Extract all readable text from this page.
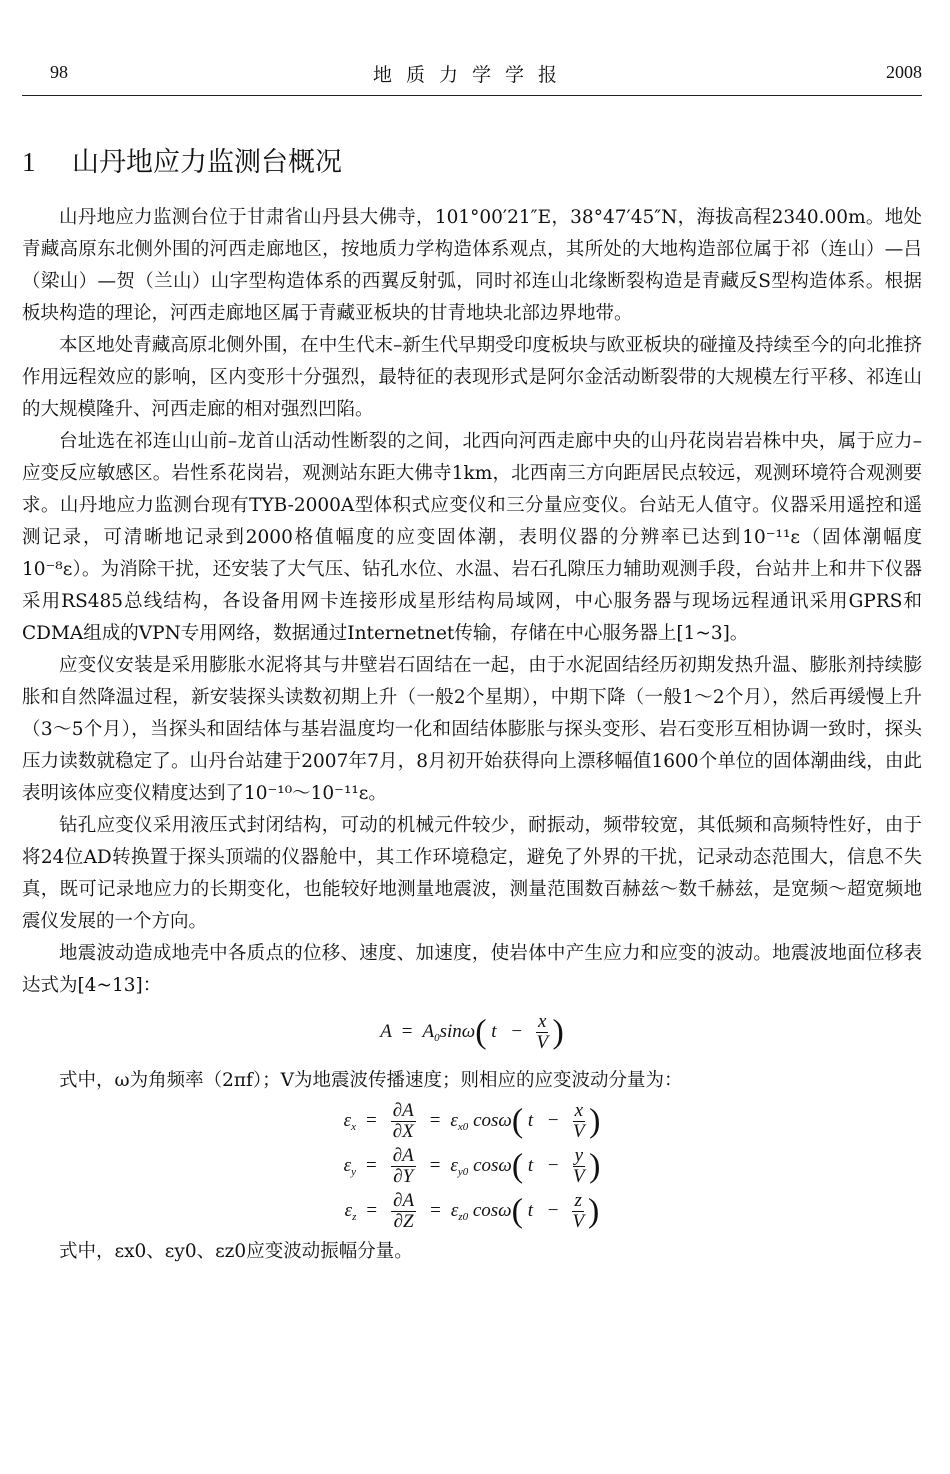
98	地质力学学报	2008
1 山丹地应力监测台概况

山丹地应力监测台位于甘肃省山丹县大佛寺，101°00′21″E，38°47′45″N，海拔高程2340.00m。地处青藏高原东北侧外围的河西走廊地区，按地质力学构造体系观点，其所处的大地构造部位属于祁（连山）—吕（梁山）—贺（兰山）山字型构造体系的西翼反射弧，同时祁连山北缘断裂构造是青藏反S型构造体系。根据板块构造的理论，河西走廊地区属于青藏亚板块的甘青地块北部边界地带。

本区地处青藏高原北侧外围，在中生代末–新生代早期受印度板块与欧亚板块的碰撞及持续至今的向北推挤作用远程效应的影响，区内变形十分强烈，最特征的表现形式是阿尔金活动断裂带的大规模左行平移、祁连山的大规模隆升、河西走廊的相对强烈凹陷。

台址选在祁连山山前–龙首山活动性断裂的之间，北西向河西走廊中央的山丹花岗岩岩株中央，属于应力–应变反应敏感区。岩性系花岗岩，观测站东距大佛寺1km，北西南三方向距居民点较远，观测环境符合观测要求。山丹地应力监测台现有TYB-2000A型体积式应变仪和三分量应变仪。台站无人值守。仪器采用遥控和遥测记录，可清晰地记录到2000格值幅度的应变固体潮，表明仪器的分辨率已达到10⁻¹¹ε（固体潮幅度10⁻⁸ε）。为消除干扰，还安装了大气压、钻孔水位、水温、岩石孔隙压力辅助观测手段，台站井上和井下仪器采用RS485总线结构，各设备用网卡连接形成星形结构局域网，中心服务器与现场远程通讯采用GPRS和CDMA组成的VPN专用网络，数据通过Internetnet传输，存储在中心服务器上[1~3]。

应变仪安装是采用膨胀水泥将其与井壁岩石固结在一起，由于水泥固结经历初期发热升温、膨胀剂持续膨胀和自然降温过程，新安装探头读数初期上升（一般2个星期），中期下降（一般1～2个月），然后再缓慢上升（3～5个月），当探头和固结体与基岩温度均一化和固结体膨胀与探头变形、岩石变形互相协调一致时，探头压力读数就稳定了。山丹台站建于2007年7月，8月初开始获得向上漂移幅值1600个单位的固体潮曲线，由此表明该体应变仪精度达到了10⁻¹⁰～10⁻¹¹ε。

钻孔应变仪采用液压式封闭结构，可动的机械元件较少，耐振动，频带较宽，其低频和高频特性好，由于将24位AD转换置于探头顶端的仪器舱中，其工作环境稳定，避免了外界的干扰，记录动态范围大，信息不失真，既可记录地应力的长期变化，也能较好地测量地震波，测量范围数百赫兹～数千赫兹，是宽频～超宽频地震仪发展的一个方向。

地震波动造成地壳中各质点的位移、速度、加速度，使岩体中产生应力和应变的波动。地震波地面位移表达式为[4~13]：

$A = A_0\sin\omega$( $t - \frac{x}{V}$ )

式中，ω为角频率（2πf）；V为地震波传播速度；则相应的应变波动分量为：

$\varepsilon_x = \frac{\partial A}{\partial X} = \varepsilon_{x0}$ cosω( $t - \frac{x}{V}$ )
$\varepsilon_y = \frac{\partial A}{\partial Y} = \varepsilon_{y0}$ cosω( $t - \frac{y}{V}$ )
$\varepsilon_z = \frac{\partial A}{\partial Z} = \varepsilon_{z0}$ cosω( $t - \frac{z}{V}$ )

式中，εx0、εy0、εz0应变波动振幅分量。
